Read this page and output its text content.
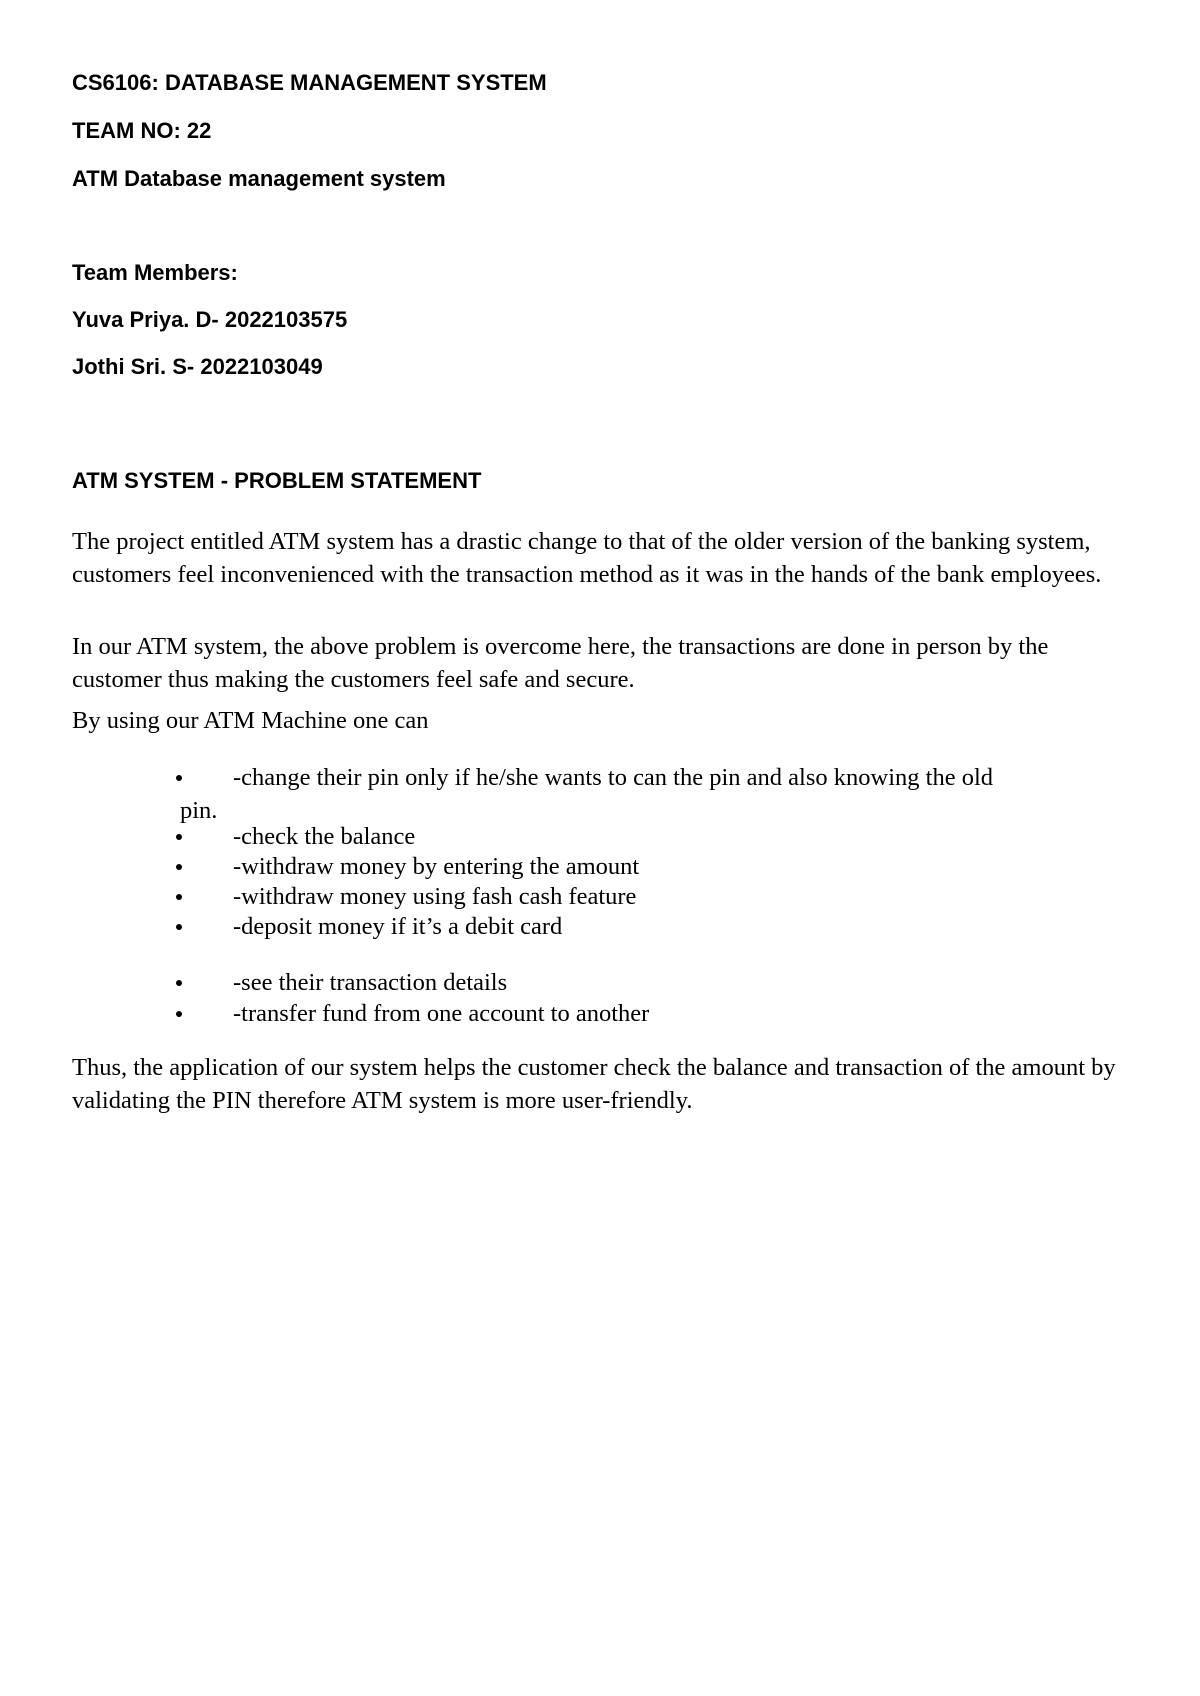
CS6106: DATABASE MANAGEMENT SYSTEM

TEAM NO: 22

ATM Database management system

Team Members:

Yuva Priya. D- 2022103575

Jothi Sri. S- 2022103049

ATM SYSTEM - PROBLEM STATEMENT

The project entitled ATM system has a drastic change to that of the older version of the banking system, customers feel inconvenienced with the transaction method as it was in the hands of the bank employees.

In our ATM system, the above problem is overcome here, the transactions are done in person by the customer thus making the customers feel safe and secure.

By using our ATM Machine one can

-change their pin only if he/she wants to can the pin and also knowing the old
pin.
-check the balance
-withdraw money by entering the amount
-withdraw money using fash cash feature
-deposit money if it’s a debit card
-see their transaction details
-transfer fund from one account to another

Thus, the application of our system helps the customer check the balance and transaction of the amount by validating the PIN therefore ATM system is more user-friendly.
